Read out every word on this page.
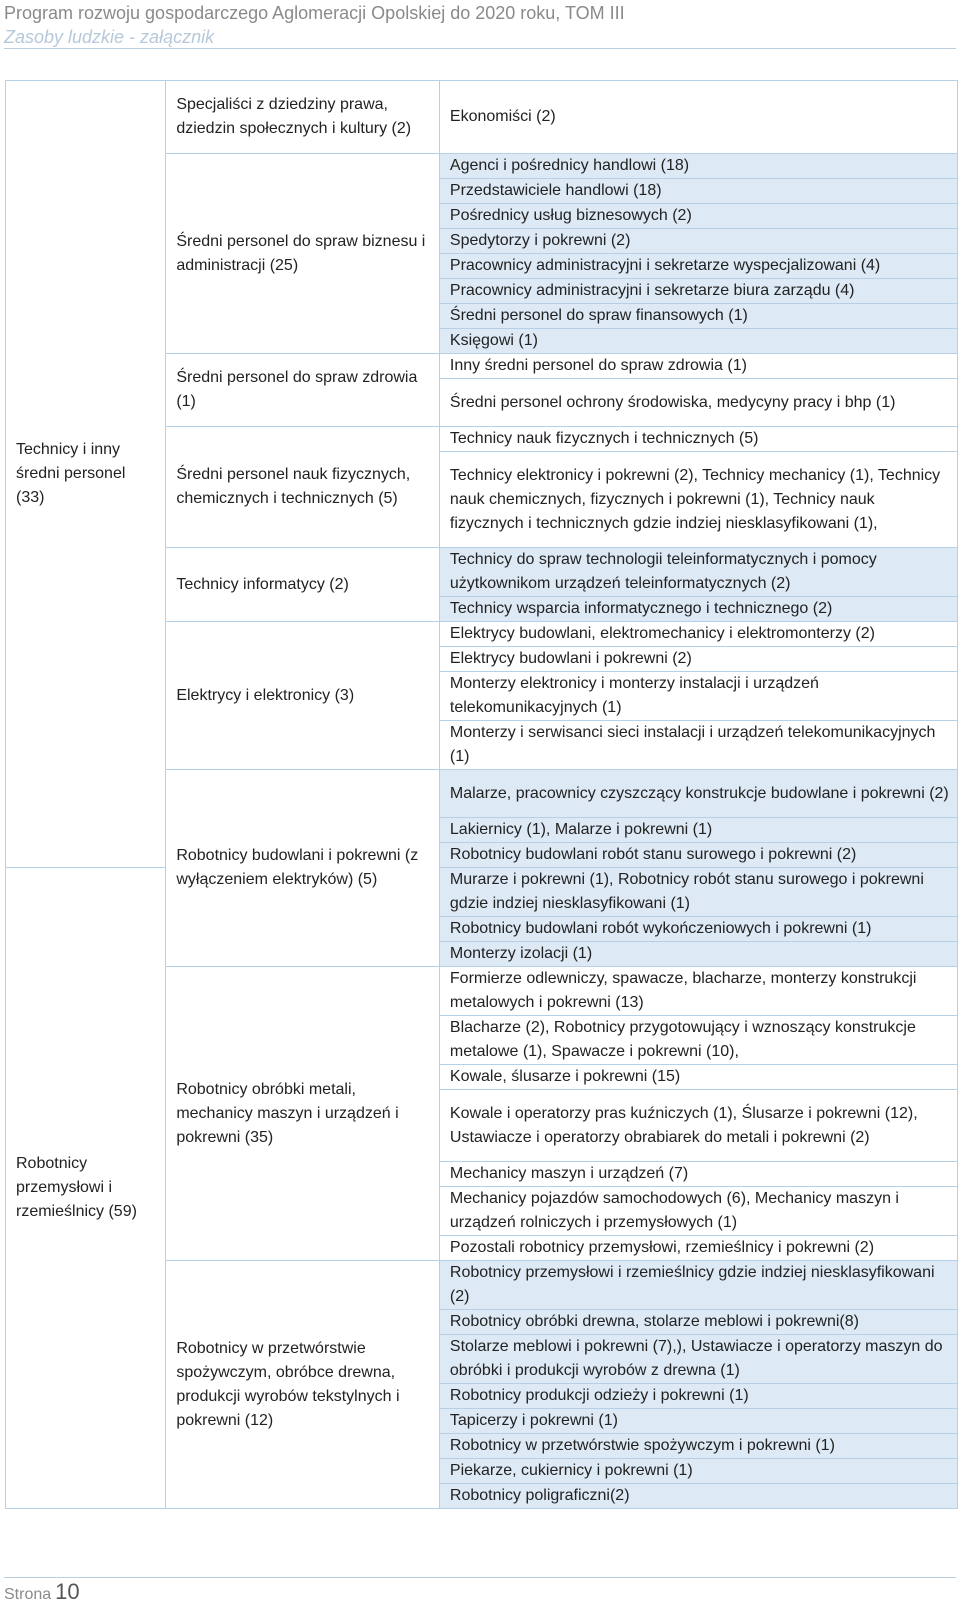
Program rozwoju gospodarczego Aglomeracji Opolskiej do 2020 roku, TOM III
Zasoby ludzkie - załącznik
Technicy i inny średni personel (33)	Specjaliści z dziedziny prawa, dziedzin społecznych i kultury (2)	Ekonomiści (2)

	Średni personel do spraw biznesu i administracji (25)	Agenci i pośrednicy handlowi (18)
		Przedstawiciele handlowi (18)
		Pośrednicy usług biznesowych (2)
		Spedytorzy i pokrewni (2)
		Pracownicy administracyjni i sekretarze wyspecjalizowani (4)
		Pracownicy administracyjni i sekretarze biura zarządu (4)
		Średni personel do spraw finansowych (1)
		Księgowi (1)

	Średni personel do spraw zdrowia (1)	Inny średni personel do spraw zdrowia (1)
		Średni personel ochrony środowiska, medycyny pracy i bhp (1)

	Średni personel nauk fizycznych, chemicznych i technicznych (5)	Technicy nauk fizycznych i technicznych (5)
		Technicy elektronicy i pokrewni (2), Technicy mechanicy (1), Technicy nauk chemicznych, fizycznych i pokrewni (1), Technicy nauk fizycznych i technicznych gdzie indziej niesklasyfikowani (1),

	Technicy informatycy (2)	Technicy do spraw technologii teleinformatycznych i pomocy użytkownikom urządzeń teleinformatycznych (2)
		Technicy wsparcia informatycznego i technicznego (2)

	Elektrycy i elektronicy (3)	Elektrycy budowlani, elektromechanicy i elektromonterzy (2)
		Elektrycy budowlani i pokrewni (2)
		Monterzy elektronicy i monterzy instalacji i urządzeń telekomunikacyjnych (1)
		Monterzy i serwisanci sieci instalacji i urządzeń telekomunikacyjnych (1)

	Robotnicy budowlani i pokrewni (z wyłączeniem elektryków) (5)	Malarze, pracownicy czyszczący konstrukcje budowlane i pokrewni (2)
		Lakiernicy (1), Malarze i pokrewni (1)
		Robotnicy budowlani robót stanu surowego i pokrewni (2)

Robotnicy przemysłowi i rzemieślnicy (59)		Murarze i pokrewni (1), Robotnicy robót stanu surowego i pokrewni gdzie indziej niesklasyfikowani (1)
		Robotnicy budowlani robót wykończeniowych i pokrewni (1)
		Monterzy izolacji (1)

	Robotnicy obróbki metali, mechanicy maszyn i urządzeń i pokrewni (35)	Formierze odlewniczy, spawacze, blacharze, monterzy konstrukcji metalowych i pokrewni (13)
		Blacharze (2), Robotnicy przygotowujący i wznoszący konstrukcje metalowe (1), Spawacze i pokrewni (10),
		Kowale, ślusarze i pokrewni (15)
		Kowale i operatorzy pras kuźniczych (1), Ślusarze i pokrewni (12), Ustawiacze i operatorzy obrabiarek do metali i pokrewni (2)
		Mechanicy maszyn i urządzeń (7)
		Mechanicy pojazdów samochodowych (6), Mechanicy maszyn i urządzeń rolniczych i przemysłowych (1)
		Pozostali robotnicy przemysłowi, rzemieślnicy i pokrewni (2)

	Robotnicy w przetwórstwie spożywczym, obróbce drewna, produkcji wyrobów tekstylnych i pokrewni (12)	Robotnicy przemysłowi i rzemieślnicy gdzie indziej niesklasyfikowani (2)
		Robotnicy obróbki drewna, stolarze meblowi i pokrewni(8)
		Stolarze meblowi i pokrewni (7),), Ustawiacze i operatorzy maszyn do obróbki i produkcji wyrobów z drewna (1)
		Robotnicy produkcji odzieży i pokrewni (1)
		Tapicerzy i pokrewni (1)
		Robotnicy w przetwórstwie spożywczym i pokrewni (1)
		Piekarze, cukiernicy i pokrewni (1)
		Robotnicy poligraficzni(2)
Strona 10
